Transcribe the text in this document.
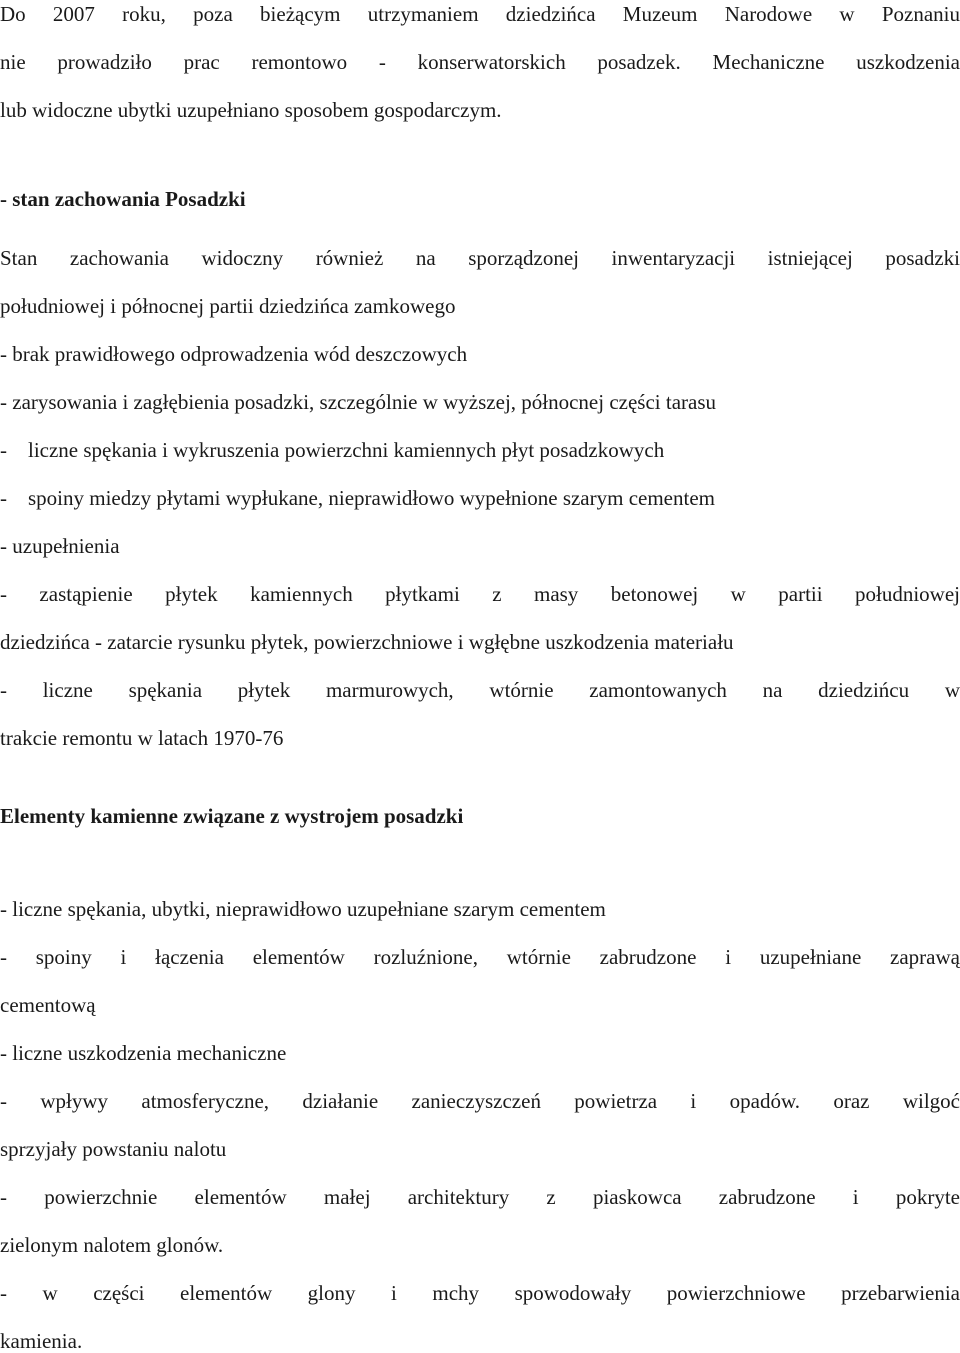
Do 2007 roku, poza bieżącym utrzymaniem dziedzińca Muzeum Narodowe w Poznaniu
nie prowadziło prac remontowo - konserwatorskich posadzek. Mechaniczne uszkodzenia
lub widoczne ubytki uzupełniano sposobem gospodarczym.
- stan zachowania Posadzki
Stan zachowania widoczny również na sporządzonej inwentaryzacji istniejącej posadzki
południowej i północnej partii dziedzińca zamkowego
- brak prawidłowego odprowadzenia wód deszczowych
- zarysowania i zagłębienia posadzki, szczególnie w wyższej, północnej części tarasu
- liczne spękania i wykruszenia powierzchni kamiennych płyt posadzkowych
- spoiny miedzy płytami wypłukane, nieprawidłowo wypełnione szarym cementem
- uzupełnienia
- zastąpienie płytek kamiennych płytkami z masy betonowej w partii południowej
dziedzińca - zatarcie rysunku płytek, powierzchniowe i wgłębne uszkodzenia materiału
- liczne spękania płytek marmurowych, wtórnie zamontowanych na dziedzińcu w
trakcie remontu w latach 1970-76
Elementy kamienne związane z wystrojem posadzki
- liczne spękania, ubytki, nieprawidłowo uzupełniane szarym cementem
- spoiny i łączenia elementów rozluźnione, wtórnie zabrudzone i uzupełniane zaprawą
cementową
- liczne uszkodzenia mechaniczne
- wpływy atmosferyczne, działanie zanieczyszczeń powietrza i opadów. oraz wilgoć
sprzyjały powstaniu nalotu
- powierzchnie elementów małej architektury z piaskowca zabrudzone i pokryte
zielonym nalotem glonów.
- w części elementów glony i mchy spowodowały powierzchniowe przebarwienia
kamienia.
